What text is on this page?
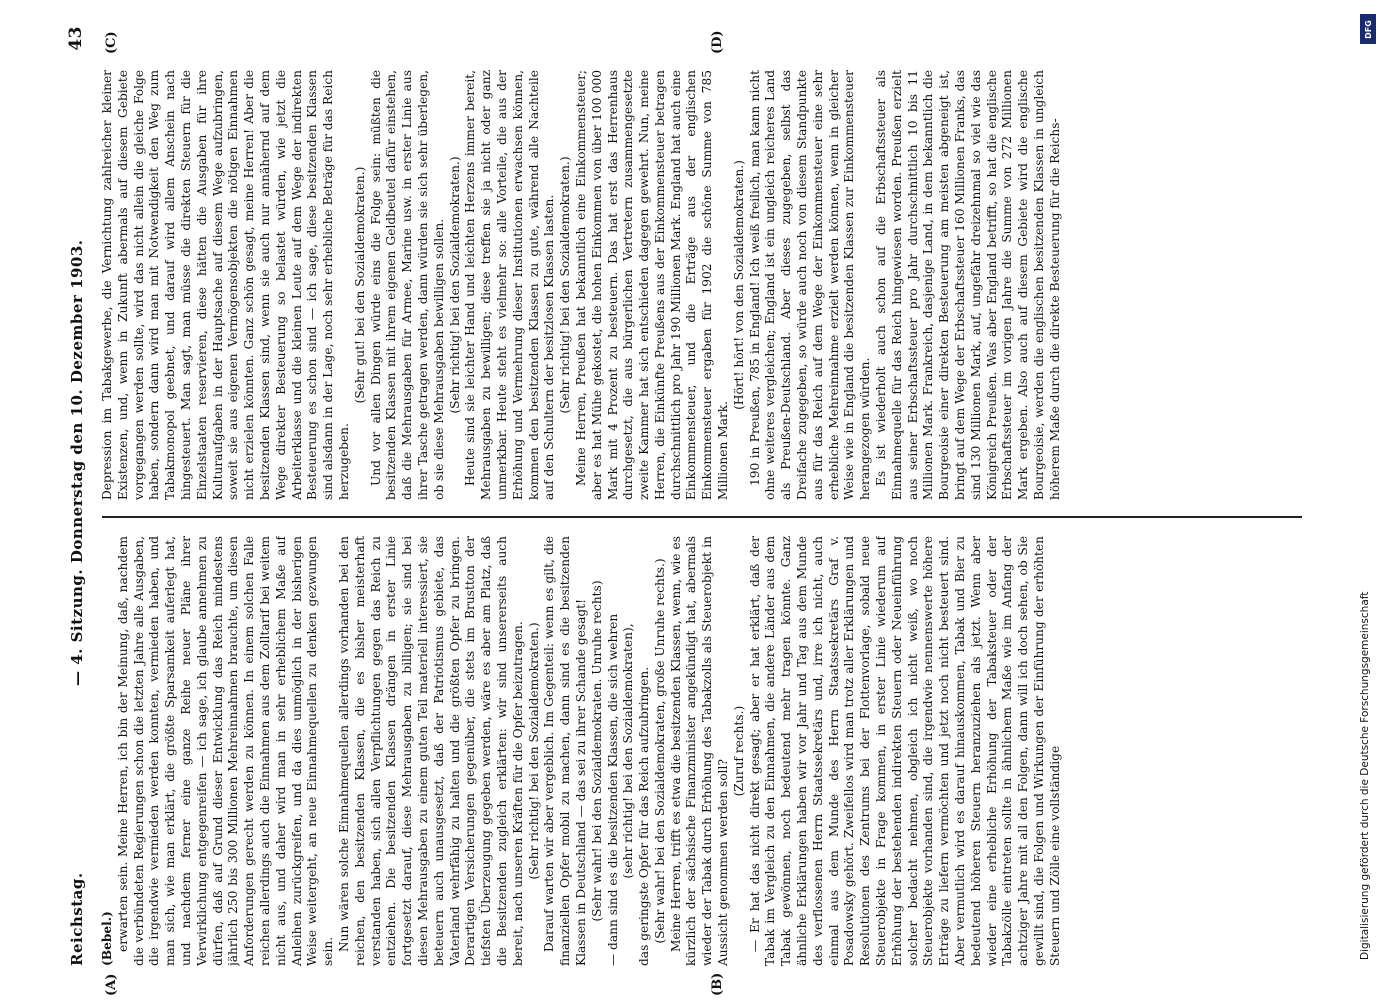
Reichstag.
— 4. Sitzung. Donnerstag den 10. Dezember 1903.
43
(A)	(B)
(C)	(D)

(Bebel.) erwarten sein. Meine Herren, ich bin der Meinung, daß, nachdem die verbündeten Regierungen schon die letzten Jahre alle Ausgaben, die irgendwie vermieden werden konnten, vermieden haben, und man sich, wie man erklärt, die größte Sparsamkeit auferlegt hat, und nachdem ferner eine ganze Reihe neuer Pläne ihrer Verwirklichung entgegenreifen — ich sage, ich glaube annehmen zu dürfen, daß auf Grund dieser Entwicklung das Reich mindestens jährlich 250 bis 300 Millionen Mehreinnahmen brauchte, um diesen Anforderungen gerecht werden zu können. In einem solchen Falle reichen allerdings auch die Einnahmen aus dem Zolltarif bei weitem nicht aus, und daher wird man in sehr erheblichem Maße auf Anleihen zurückgreifen, und da dies unmöglich in der bisherigen Weise weitergeht, an neue Einnahmequellen zu denken gezwungen sein. Nun wären solche Einnahmequellen allerdings vorhanden bei den reichen, den besitzenden Klassen, die es bisher meisterhaft verstanden haben, sich allen Verpflichtungen gegen das Reich zu entziehen. Die besitzenden Klassen drängen in erster Linie fortgesetzt darauf, diese Mehrausgaben zu billigen; sie sind bei diesen Mehrausgaben zu einem guten Teil materiell interessiert, sie beteuern auch unausgesetzt, daß der Patriotismus gebiete, das Vaterland wehrfähig zu halten und die größten Opfer zu bringen. Derartigen Versicherungen gegenüber, die stets im Brustton der tiefsten Überzeugung gegeben werden, wäre es aber am Platz, daß die Besitzenden zugleich erklärten: wir sind unsererseits auch bereit, nach unseren Kräften für die Opfer beizutragen. (Sehr richtig! bei den Sozialdemokraten.) Darauf warten wir aber vergeblich. Im Gegenteil: wenn es gilt, die finanziellen Opfer mobil zu machen, dann sind es die besitzenden Klassen in Deutschland — das sei zu ihrer Schande gesagt! (Sehr wahr! bei den Sozialdemokraten. Unruhe rechts) — dann sind es die besitzenden Klassen, die sich wehren (sehr richtig! bei den Sozialdemokraten), das geringste Opfer für das Reich aufzubringen. (Sehr wahr! bei den Sozialdemokraten, große Unruhe rechts.) Meine Herren, trifft es etwa die besitzenden Klassen, wenn, wie es kürzlich der sächsische Finanzminister angekündigt hat, abermals wieder der Tabak durch Erhöhung des Tabakzolls als Steuerobjekt in Aussicht genommen werden soll?

(Zuruf rechts.) — Er hat das nicht direkt gesagt; aber er hat erklärt, daß der Tabak im Vergleich zu den Einnahmen, die andere Länder aus dem Tabak gewönnen, noch bedeutend mehr tragen könnte. Ganz ähnliche Erklärungen haben wir vor Jahr und Tag aus dem Munde des verflossenen Herrn Staatssekretärs und, irre ich nicht, auch einmal aus dem Munde des Herrn Staatssekretärs Graf v. Posadowsky gehört. Zweifellos wird man trotz aller Erklärungen und Resolutionen des Zentrums bei der Flottenvorlage, sobald neue Steuerobjekte in Frage kommen, in erster Linie wiederum auf Erhöhung der bestehenden indirekten Steuern oder Neueinführung solcher bedacht nehmen, obgleich ich nicht weiß, wo noch Steuerobjekte vorhanden sind, die irgendwie nennenswerte höhere Erträge zu liefern vermöchten und jetzt noch nicht besteuert sind. Aber vermutlich wird es darauf hinauskommen, Tabak und Bier zu bedeutend höheren Steuern heranzuziehen als jetzt. Wenn aber wieder eine erhebliche Erhöhung der Tabaksteuer oder der Tabakzölle eintreten sollte in ähnlichem Maße wie im Anfang der achtziger Jahre mit all den Folgen, dann will ich doch sehen, ob Sie gewillt sind, die Folgen und Wirkungen der Einführung der erhöhten Steuern und Zölle eine vollständige

Depression im Tabakgewerbe, die Vernichtung zahlreicher kleiner Existenzen, und, wenn in Zukunft abermals auf diesem Gebiete vorgegangen werden sollte, wird das nicht allein die gleiche Folge haben, sondern dann wird man mit Notwendigkeit den Weg zum Tabakmonopol geebnet, und darauf wird allem Anschein nach hingesteuert. Man sagt, man müsse die direkten Steuern für die Einzelstaaten reservieren, diese hätten die Ausgaben für ihre Kulturaufgaben in der Hauptsache auf diesem Wege aufzubringen, soweit sie aus eigenen Vermögensobjekten die nötigen Einnahmen nicht erzielen könnten. Ganz schön gesagt, meine Herren! Aber die besitzenden Klassen sind, wenn sie auch nur annähernd auf dem Wege direkter Besteuerung so belastet würden, wie jetzt die Arbeiterklasse und die kleinen Leute auf dem Wege der indirekten Besteuerung es schon sind — ich sage, diese besitzenden Klassen sind alsdann in der Lage, noch sehr erhebliche Beträge für das Reich herzugeben.

(Sehr gut! bei den Sozialdemokraten.) Und vor allen Dingen würde eins die Folge sein: müßten die besitzenden Klassen mit ihrem eigenen Geldbeutel dafür einstehen, daß die Mehrausgaben für Armee, Marine usw. in erster Linie aus ihrer Tasche getragen werden, dann würden sie sich sehr überlegen, ob sie diese Mehrausgaben bewilligen sollen. (Sehr richtig! bei den Sozialdemokraten.) Heute sind sie leichter Hand und leichten Herzens immer bereit, Mehrausgaben zu bewilligen; diese treffen sie ja nicht oder ganz unmerkbar. Heute steht es vielmehr so: alle Vorteile, die aus der Erhöhung und Vermehrung dieser Institutionen erwachsen können, kommen den besitzenden Klassen zu gute, während alle Nachteile auf den Schultern der besitzlosen Klassen lasten. (Sehr richtig! bei den Sozialdemokraten.) Meine Herren, Preußen hat bekanntlich eine Einkommensteuer; aber es hat Mühe gekostet, die hohen Einkommen von über 100 000 Mark mit 4 Prozent zu besteuern. Das hat erst das Herrenhaus durchgesetzt, die aus bürgerlichen Vertretern zusammengesetzte zweite Kammer hat sich entschieden dagegen gewehrt. Nun, meine Herren, die Einkünfte Preußens aus der Einkommensteuer betragen durchschnittlich pro Jahr 190 Millionen Mark. England hat auch eine Einkommensteuer, und die Erträge aus der englischen Einkommensteuer ergaben für 1902 die schöne Summe von 785 Millionen Mark.

(Hört! hört! von den Sozialdemokraten.) 190 in Preußen, 785 in England! Ich weiß freilich, man kann nicht ohne weiteres vergleichen; England ist ein ungleich reicheres Land als Preußen-Deutschland. Aber dieses zugegeben, selbst das Dreifache zugegeben, so würde auch noch von diesem Standpunkte aus für das Reich auf dem Wege der Einkommensteuer eine sehr erhebliche Mehreinnahme erzielt werden können, wenn in gleicher Weise wie in England die besitzenden Klassen zur Einkommensteuer herangezogen würden. Es ist wiederholt auch schon auf die Erbschaftssteuer als Einnahmequelle für das Reich hingewiesen worden. Preußen erzielt aus seiner Erbschaftssteuer pro Jahr durchschnittlich 10 bis 11 Millionen Mark. Frankreich, dasjenige Land, in dem bekanntlich die Bourgeoisie einer direkten Besteuerung am meisten abgeneigt ist, bringt auf dem Wege der Erbschaftssteuer 160 Millionen Franks, das sind 130 Millionen Mark, auf, ungefähr dreizehnmal so viel wie das Königreich Preußen. Was aber England betrifft, so hat die englische Erbschaftssteuer im vorigen Jahre die Summe von 272 Millionen Mark ergeben. Also auch auf diesem Gebiete wird die englische Bourgeoisie, werden die englischen besitzenden Klassen in ungleich höherem Maße durch die direkte Besteuerung für die Reichs-

DFG
Digitalisierung gefördert durch die Deutsche Forschungsgemeinschaft
